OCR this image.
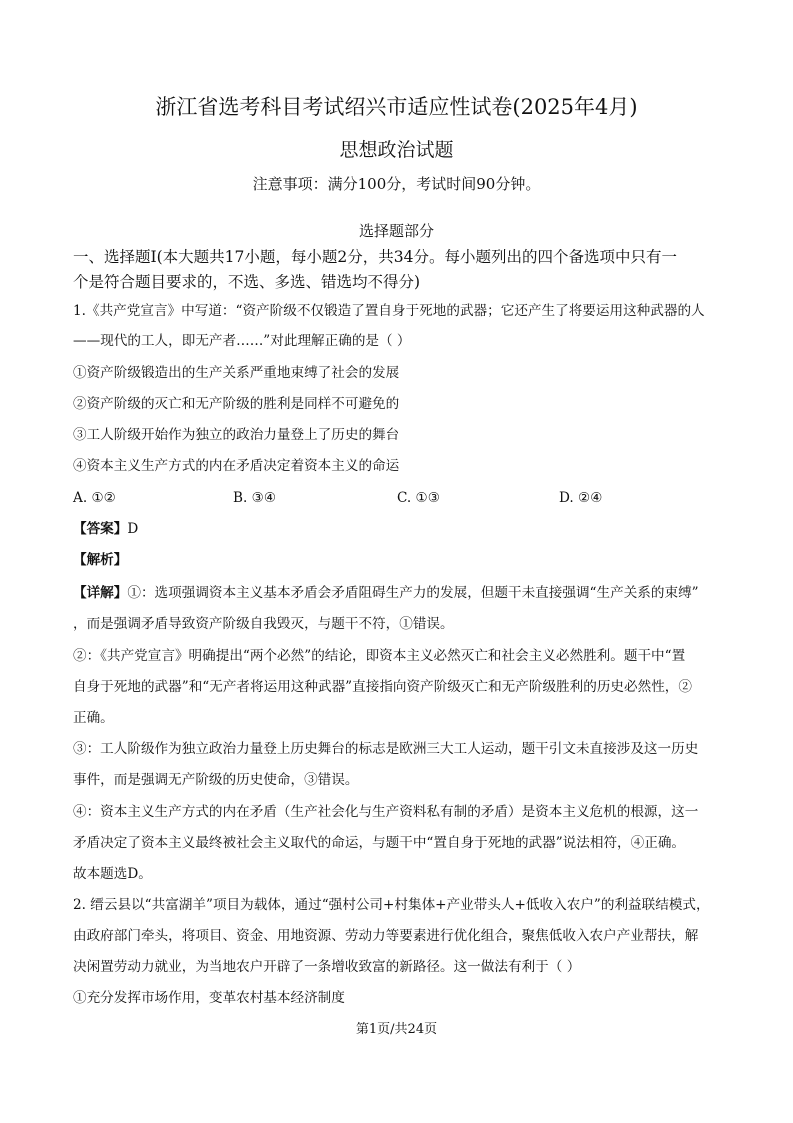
浙江省选考科目考试绍兴市适应性试卷(2025年4月)
思想政治试题
注意事项：满分100分，考试时间90分钟。
选择题部分
一、选择题Ⅰ(本大题共17小题，每小题2分，共34分。每小题列出的四个备选项中只有一
个是符合题目要求的，不选、多选、错选均不得分)
1.《共产党宣言》中写道：“资产阶级不仅锻造了置自身于死地的武器；它还产生了将要运用这种武器的人
——现代的工人，即无产者……”对此理解正确的是（ ）
①资产阶级锻造出的生产关系严重地束缚了社会的发展
②资产阶级的灭亡和无产阶级的胜利是同样不可避免的
③工人阶级开始作为独立的政治力量登上了历史的舞台
④资本主义生产方式的内在矛盾决定着资本主义的命运
A. ①②	B. ③④	C. ①③	D. ②④
【答案】D
【解析】
【详解】①：选项强调资本主义基本矛盾会矛盾阻碍生产力的发展，但题干未直接强调“生产关系的束缚”
，而是强调矛盾导致资产阶级自我毁灭，与题干不符，①错误。
②：《共产党宣言》明确提出“两个必然”的结论，即资本主义必然灭亡和社会主义必然胜利。题干中“置
自身于死地的武器”和“无产者将运用这种武器”直接指向资产阶级灭亡和无产阶级胜利的历史必然性，②
正确。
③：工人阶级作为独立政治力量登上历史舞台的标志是欧洲三大工人运动，题干引文未直接涉及这一历史
事件，而是强调无产阶级的历史使命，③错误。
④：资本主义生产方式的内在矛盾（生产社会化与生产资料私有制的矛盾）是资本主义危机的根源，这一
矛盾决定了资本主义最终被社会主义取代的命运，与题干中“置自身于死地的武器”说法相符，④正确。
故本题选D。
2. 缙云县以“共富湖羊”项目为载体，通过“强村公司+村集体+产业带头人+低收入农户”的利益联结模式，
由政府部门牵头，将项目、资金、用地资源、劳动力等要素进行优化组合，聚焦低收入农户产业帮扶，解
决闲置劳动力就业，为当地农户开辟了一条增收致富的新路径。这一做法有利于（ ）
①充分发挥市场作用，变革农村基本经济制度
第1页/共24页
